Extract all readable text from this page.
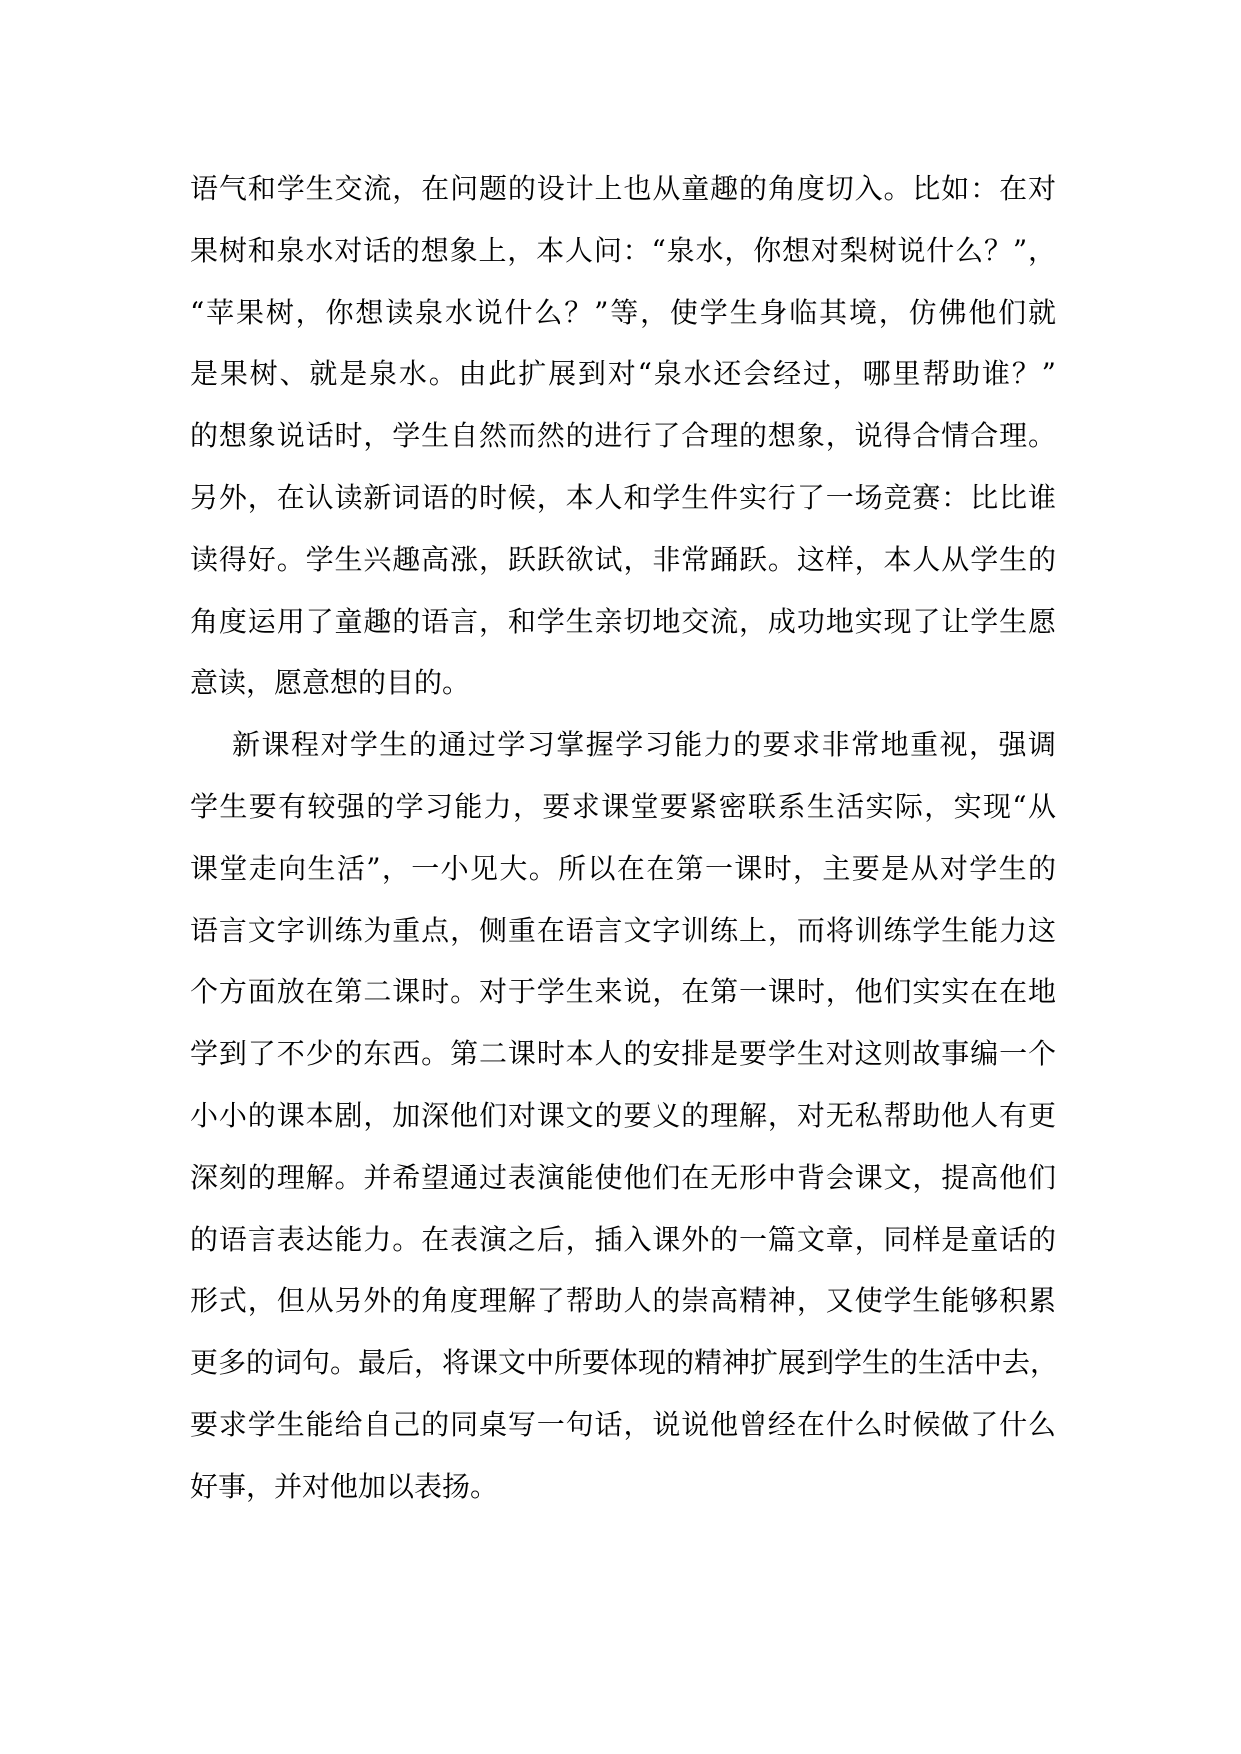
语气和学生交流，在问题的设计上也从童趣的角度切入。比如：在对
果树和泉水对话的想象上，本人问：“泉水，你想对梨树说什么？”，
“苹果树，你想读泉水说什么？”等，使学生身临其境，仿佛他们就
是果树、就是泉水。由此扩展到对“泉水还会经过，哪里帮助谁？”
的想象说话时，学生自然而然的进行了合理的想象，说得合情合理。
另外，在认读新词语的时候，本人和学生件实行了一场竞赛：比比谁
读得好。学生兴趣高涨，跃跃欲试，非常踊跃。这样，本人从学生的
角度运用了童趣的语言，和学生亲切地交流，成功地实现了让学生愿
意读，愿意想的目的。
新课程对学生的通过学习掌握学习能力的要求非常地重视，强调
学生要有较强的学习能力，要求课堂要紧密联系生活实际，实现“从
课堂走向生活”，一小见大。所以在在第一课时，主要是从对学生的
语言文字训练为重点，侧重在语言文字训练上，而将训练学生能力这
个方面放在第二课时。对于学生来说，在第一课时，他们实实在在地
学到了不少的东西。第二课时本人的安排是要学生对这则故事编一个
小小的课本剧，加深他们对课文的要义的理解，对无私帮助他人有更
深刻的理解。并希望通过表演能使他们在无形中背会课文，提高他们
的语言表达能力。在表演之后，插入课外的一篇文章，同样是童话的
形式，但从另外的角度理解了帮助人的崇高精神，又使学生能够积累
更多的词句。最后，将课文中所要体现的精神扩展到学生的生活中去，
要求学生能给自己的同桌写一句话，说说他曾经在什么时候做了什么
好事，并对他加以表扬。
